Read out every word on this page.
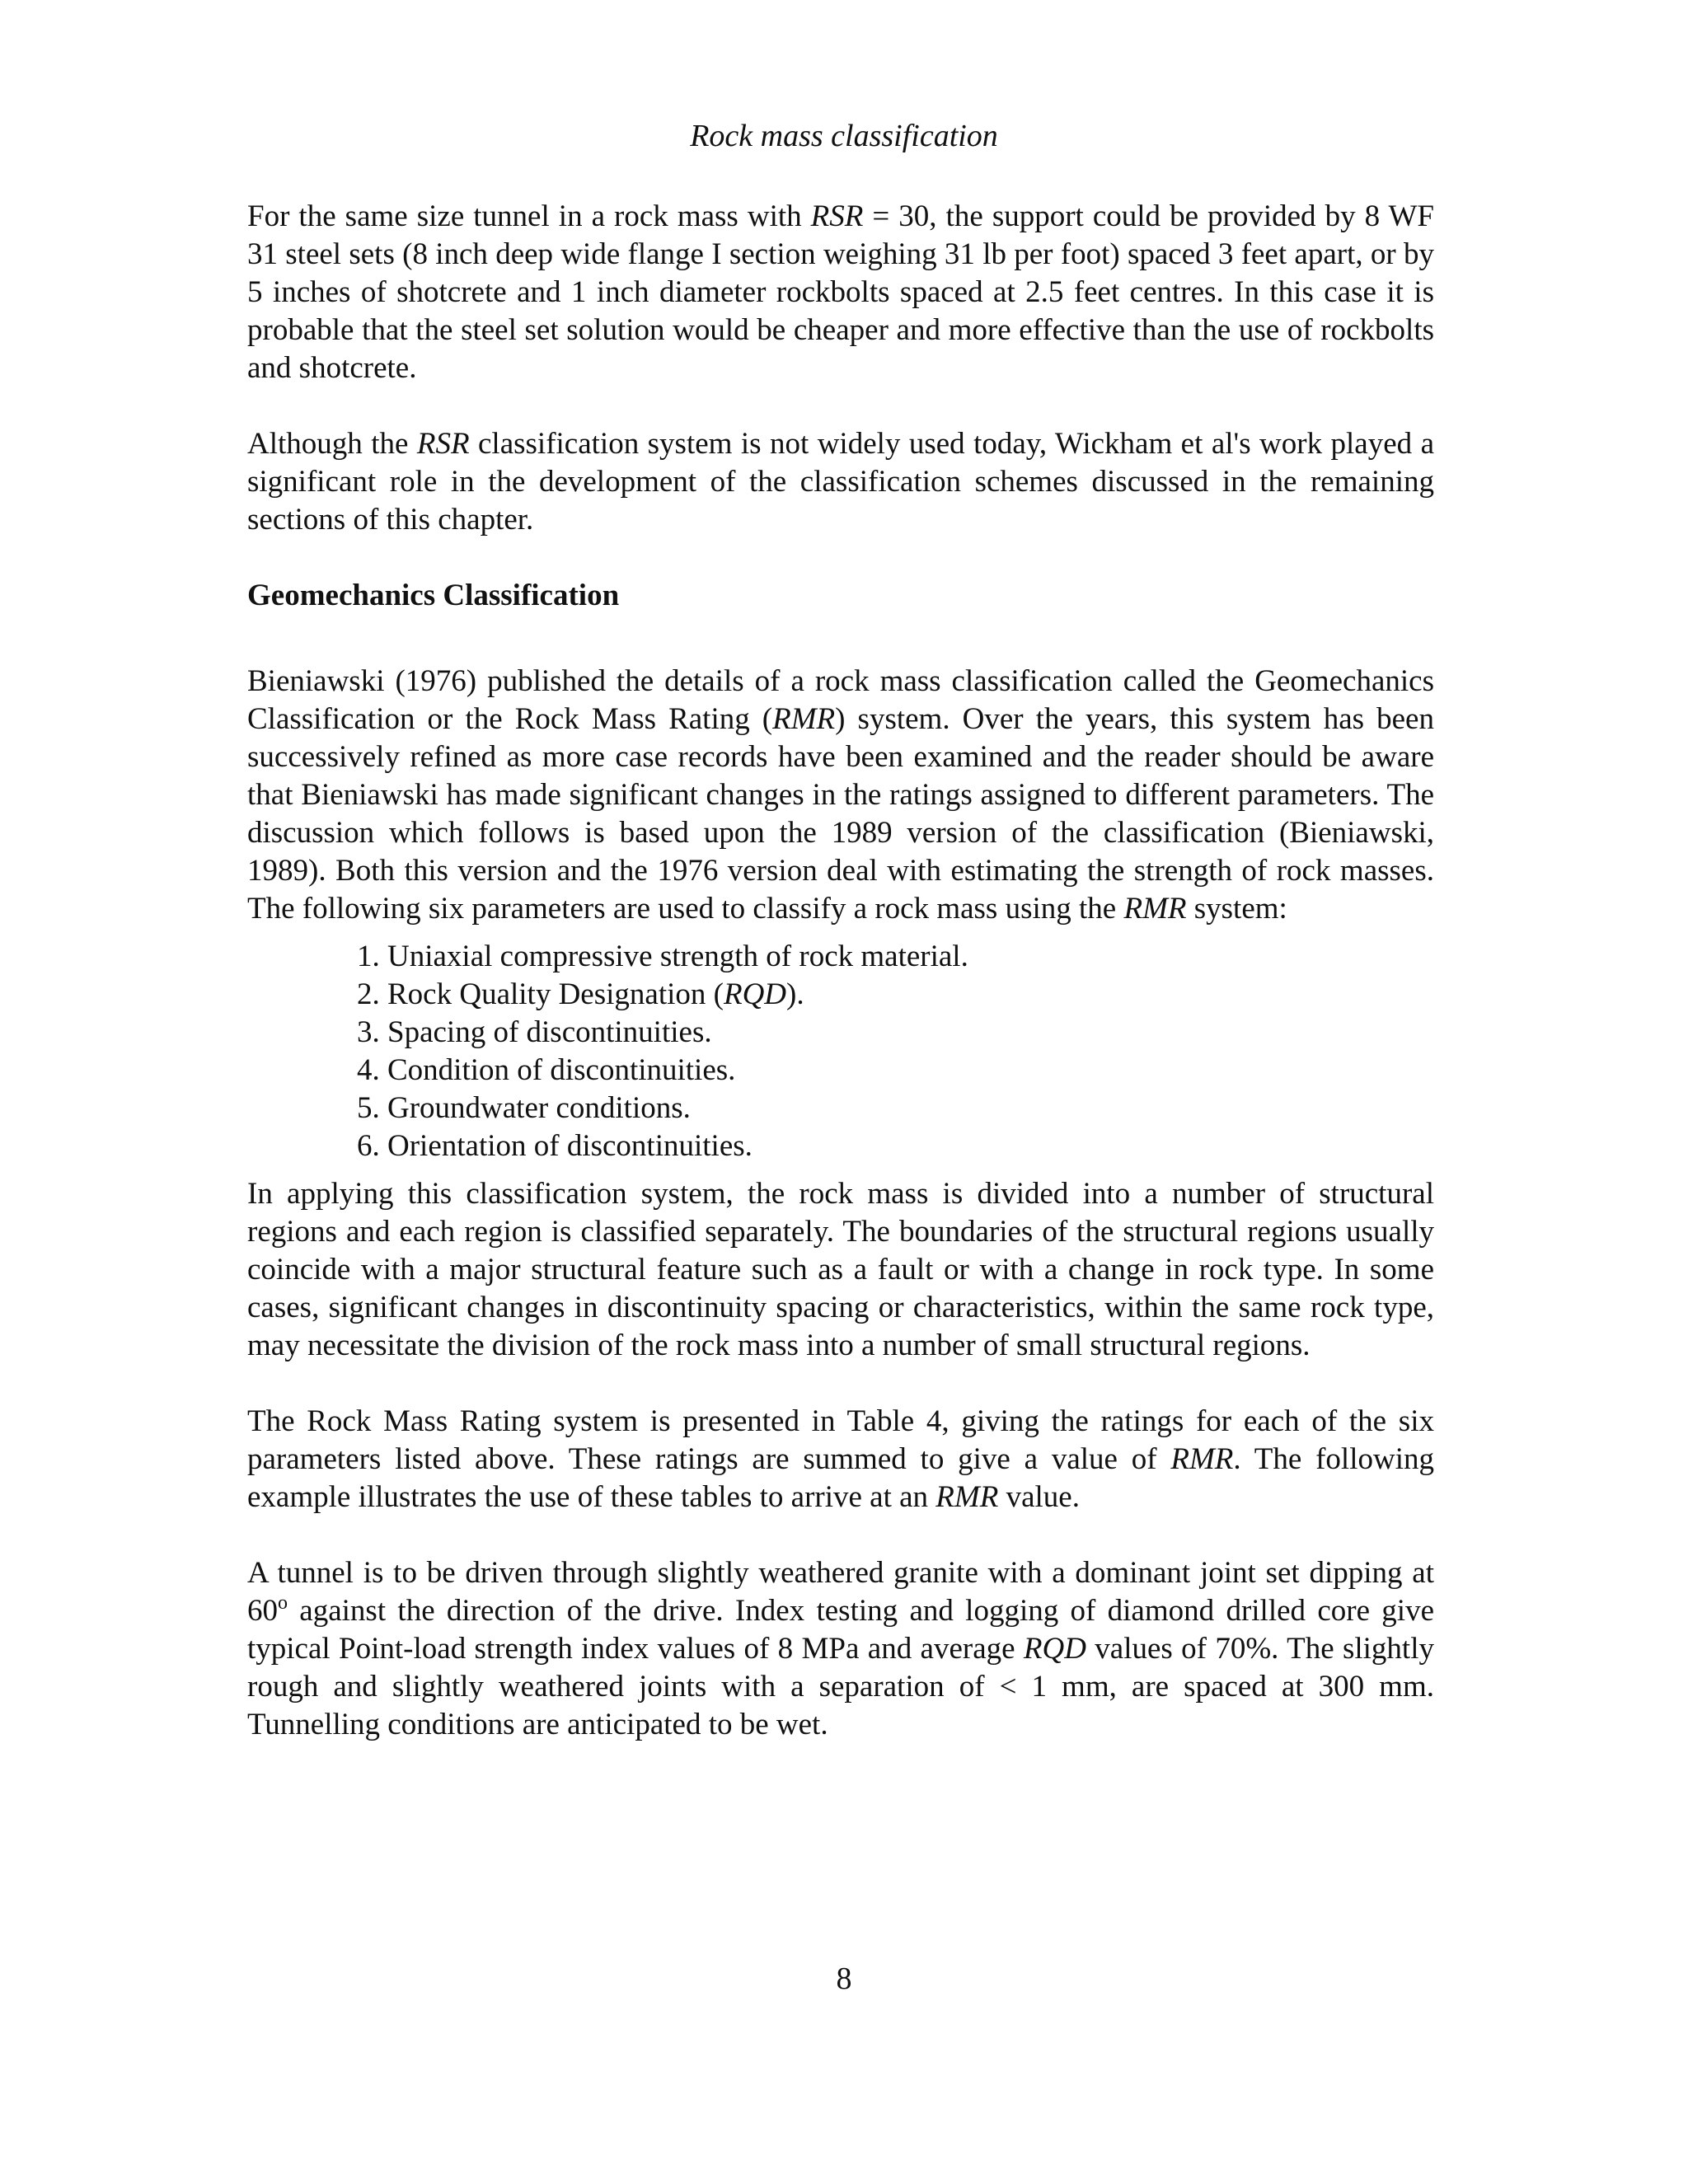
Rock mass classification

For the same size tunnel in a rock mass with RSR = 30, the support could be provided by 8 WF 31 steel sets (8 inch deep wide flange I section weighing 31 lb per foot) spaced 3 feet apart, or by 5 inches of shotcrete and 1 inch diameter rockbolts spaced at 2.5 feet centres. In this case it is probable that the steel set solution would be cheaper and more effective than the use of rockbolts and shotcrete.

Although the RSR classification system is not widely used today, Wickham et al's work played a significant role in the development of the classification schemes discussed in the remaining sections of this chapter.

Geomechanics Classification

Bieniawski (1976) published the details of a rock mass classification called the Geomechanics Classification or the Rock Mass Rating (RMR) system. Over the years, this system has been successively refined as more case records have been examined and the reader should be aware that Bieniawski has made significant changes in the ratings assigned to different parameters. The discussion which follows is based upon the 1989 version of the classification (Bieniawski, 1989). Both this version and the 1976 version deal with estimating the strength of rock masses. The following six parameters are used to classify a rock mass using the RMR system:

1. Uniaxial compressive strength of rock material.
2. Rock Quality Designation (RQD).
3. Spacing of discontinuities.
4. Condition of discontinuities.
5. Groundwater conditions.
6. Orientation of discontinuities.

In applying this classification system, the rock mass is divided into a number of structural regions and each region is classified separately. The boundaries of the structural regions usually coincide with a major structural feature such as a fault or with a change in rock type. In some cases, significant changes in discontinuity spacing or characteristics, within the same rock type, may necessitate the division of the rock mass into a number of small structural regions.

The Rock Mass Rating system is presented in Table 4, giving the ratings for each of the six parameters listed above. These ratings are summed to give a value of RMR. The following example illustrates the use of these tables to arrive at an RMR value.

A tunnel is to be driven through slightly weathered granite with a dominant joint set dipping at 60$^o$ against the direction of the drive. Index testing and logging of diamond drilled core give typical Point-load strength index values of 8 MPa and average RQD values of 70%. The slightly rough and slightly weathered joints with a separation of < 1 mm, are spaced at 300 mm. Tunnelling conditions are anticipated to be wet.

8
